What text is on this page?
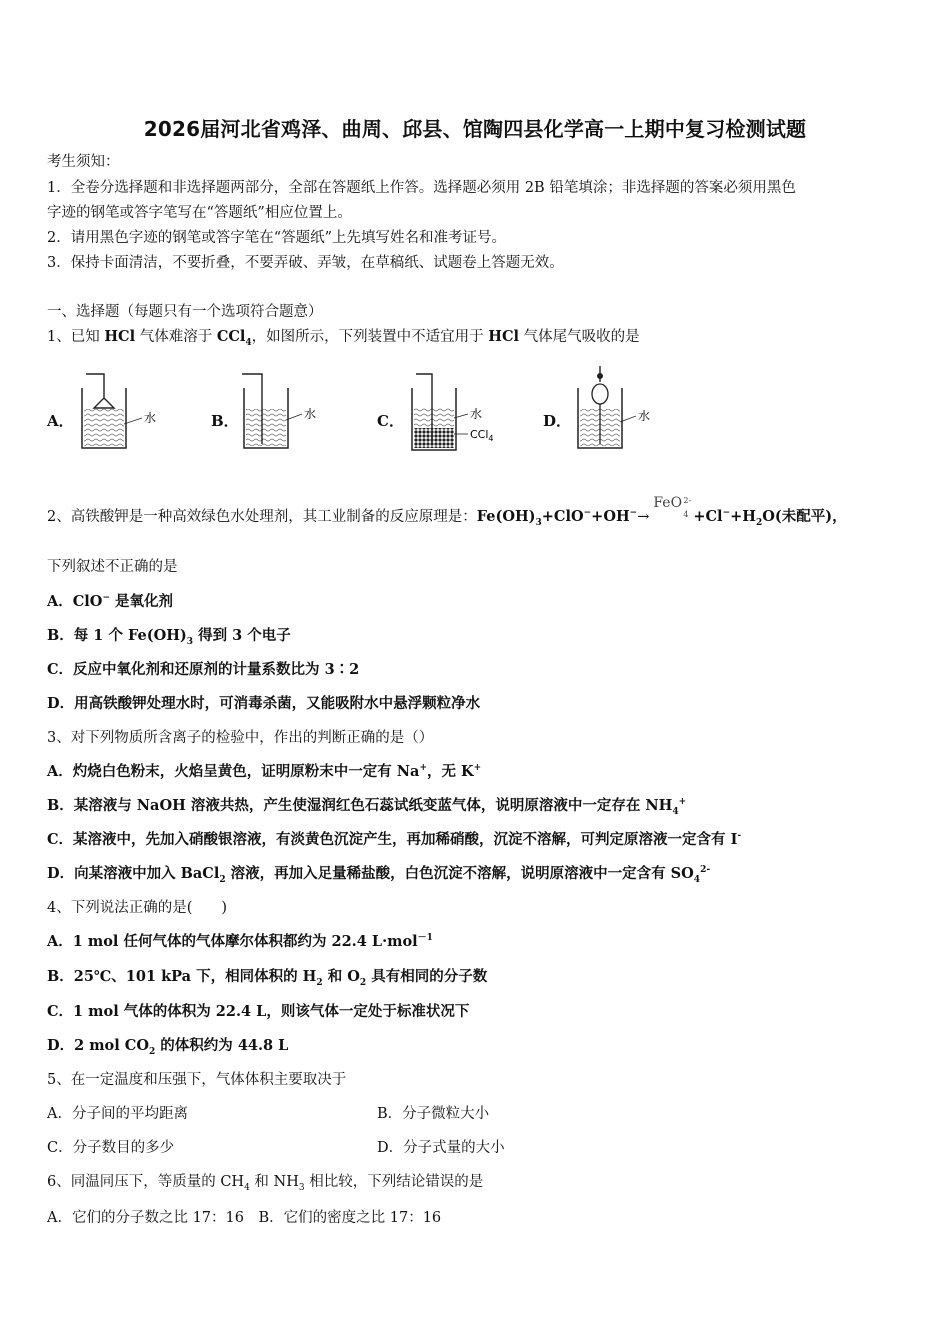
2026届河北省鸡泽、曲周、邱县、馆陶四县化学高一上期中复习检测试题
考生须知：
1．全卷分选择题和非选择题两部分，全部在答题纸上作答。选择题必须用 2B 铅笔填涂；非选择题的答案必须用黑色
字迹的钢笔或答字笔写在“答题纸”相应位置上。
2．请用黑色字迹的钢笔或答字笔在“答题纸”上先填写姓名和准考证号。
3．保持卡面清洁，不要折叠，不要弄破、弄皱，在草稿纸、试题卷上答题无效。
一、选择题（每题只有一个选项符合题意）
1、已知 HCl 气体难溶于 CCl$_4$，如图所示，下列装置中不适宜用于 HCl 气体尾气吸收的是
A．	B．	C．	D．
水	水	水
CCl$_4$
水
2、高铁酸钾是一种高效绿色水处理剂，其工业制备的反应原理是：$Fe(OH)_3+ClO^-+OH^-\to$
FeO 2-
$4 +Cl^-+H_2O$(未配平)，
下列叙述不正确的是
A．ClO− 是氧化剂
B．每 1 个 $Fe(OH)_3$ 得到 3 个电子
C．反应中氧化剂和还原剂的计量系数比为 3∶2
D．用高铁酸钾处理水时，可消毒杀菌，又能吸附水中悬浮颗粒净水
3、对下列物质所含离子的检验中，作出的判断正确的是（）
A．灼烧白色粉末，火焰呈黄色，证明原粉末中一定有 Na+，无 K+
B．某溶液与 NaOH 溶液共热，产生使湿润红色石蕊试纸变蓝气体，说明原溶液中一定存在 $NH_4^+$
C．某溶液中，先加入硝酸银溶液，有淡黄色沉淀产生，再加稀硝酸，沉淀不溶解，可判定原溶液一定含有 I-
D．向某溶液中加入 BaCl$_2$ 溶液，再加入足量稀盐酸，白色沉淀不溶解，说明原溶液中一定含有 $SO_4^{2-}$
4、下列说法正确的是(　　)
A．1 mol 任何气体的气体摩尔体积都约为 22.4 L·mol$^{-1}$
B．25℃、101 kPa 下，相同体积的 $H_2$ 和 $O_2$ 具有相同的分子数
C．1 mol 气体的体积为 22.4 L，则该气体一定处于标准状况下
D．2 mol $CO_2$ 的体积约为 44.8 L
5、在一定温度和压强下，气体体积主要取决于
A．分子间的平均距离	B．分子微粒大小
C．分子数目的多少	D．分子式量的大小
6、同温同压下，等质量的 $CH_4$ 和 $NH_3$ 相比较，下列结论错误的是
A．它们的分子数之比 17：16　B．它们的密度之比 17：16
